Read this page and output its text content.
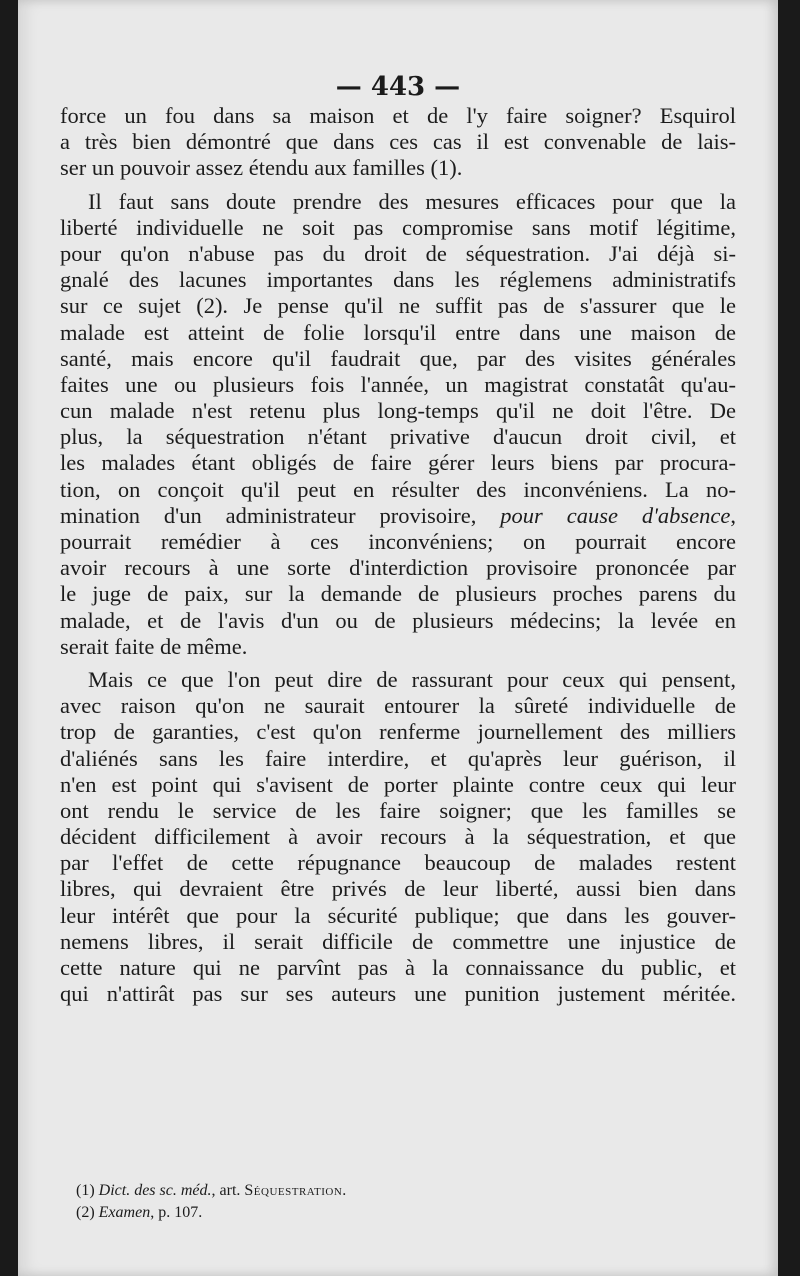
— 443 —

force un fou dans sa maison et de l'y faire soigner? Esquirol
a très bien démontré que dans ces cas il est convenable de lais-
ser un pouvoir assez étendu aux familles (1).

Il faut sans doute prendre des mesures efficaces pour que la
liberté individuelle ne soit pas compromise sans motif légitime,
pour qu'on n'abuse pas du droit de séquestration. J'ai déjà si-
gnalé des lacunes importantes dans les réglemens administratifs
sur ce sujet (2). Je pense qu'il ne suffit pas de s'assurer que le
malade est atteint de folie lorsqu'il entre dans une maison de
santé, mais encore qu'il faudrait que, par des visites générales
faites une ou plusieurs fois l'année, un magistrat constatât qu'au-
cun malade n'est retenu plus long-temps qu'il ne doit l'être. De
plus, la séquestration n'étant privative d'aucun droit civil, et
les malades étant obligés de faire gérer leurs biens par procura-
tion, on conçoit qu'il peut en résulter des inconvéniens. La no-
mination d'un administrateur provisoire, pour cause d'absence,
pourrait remédier à ces inconvéniens; on pourrait encore
avoir recours à une sorte d'interdiction provisoire prononcée par
le juge de paix, sur la demande de plusieurs proches parens du
malade, et de l'avis d'un ou de plusieurs médecins; la levée en
serait faite de même.

Mais ce que l'on peut dire de rassurant pour ceux qui pensent,
avec raison qu'on ne saurait entourer la sûreté individuelle de
trop de garanties, c'est qu'on renferme journellement des milliers
d'aliénés sans les faire interdire, et qu'après leur guérison, il
n'en est point qui s'avisent de porter plainte contre ceux qui leur
ont rendu le service de les faire soigner; que les familles se
décident difficilement à avoir recours à la séquestration, et que
par l'effet de cette répugnance beaucoup de malades restent
libres, qui devraient être privés de leur liberté, aussi bien dans
leur intérêt que pour la sécurité publique; que dans les gouver-
nemens libres, il serait difficile de commettre une injustice de
cette nature qui ne parvînt pas à la connaissance du public, et
qui n'attirât pas sur ses auteurs une punition justement méritée.

(1) Dict. des sc. méd., art. Séquestration.
(2) Examen, p. 107.
